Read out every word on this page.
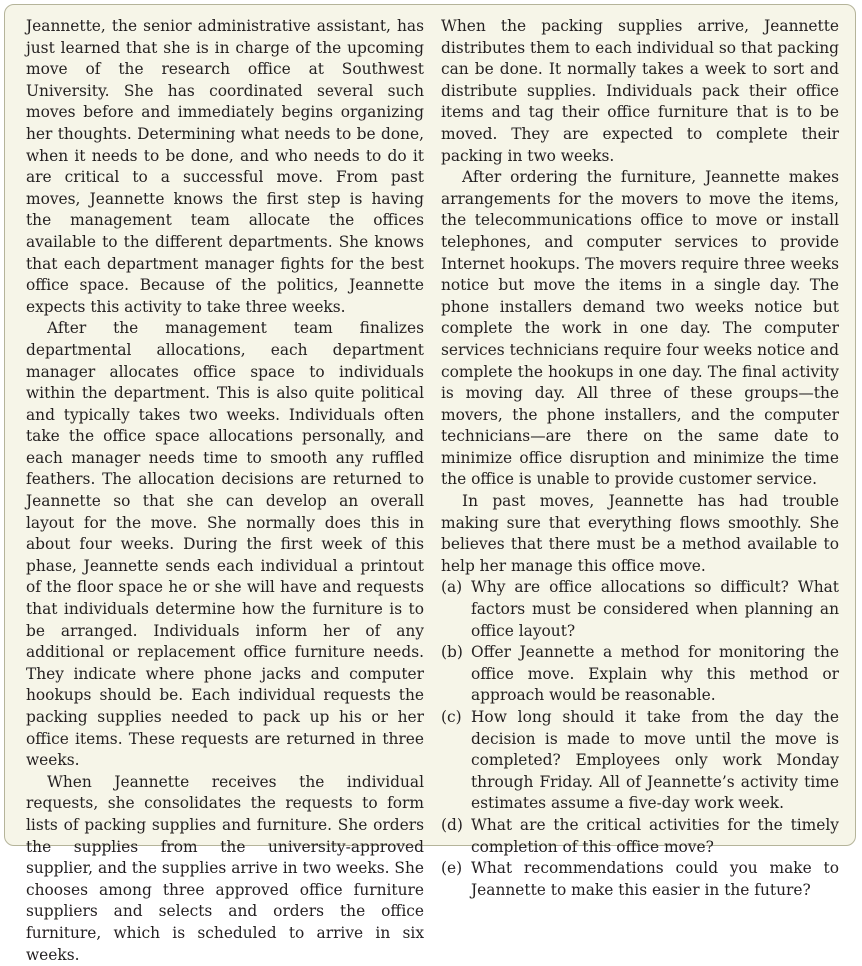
Jeannette, the senior administrative assistant, has just learned that she is in charge of the upcoming move of the research office at Southwest University. She has coordinated several such moves before and immediately begins organizing her thoughts. Determining what needs to be done, when it needs to be done, and who needs to do it are critical to a successful move. From past moves, Jeannette knows the first step is having the management team allocate the offices available to the different departments. She knows that each department manager fights for the best office space. Because of the politics, Jeannette expects this activity to take three weeks.

After the management team finalizes departmental allocations, each department manager allocates office space to individuals within the department. This is also quite political and typically takes two weeks. Individuals often take the office space allocations personally, and each manager needs time to smooth any ruffled feathers. The allocation decisions are returned to Jeannette so that she can develop an overall layout for the move. She normally does this in about four weeks. During the first week of this phase, Jeannette sends each individual a printout of the floor space he or she will have and requests that individuals determine how the furniture is to be arranged. Individuals inform her of any additional or replacement office furniture needs. They indicate where phone jacks and computer hookups should be. Each individual requests the packing supplies needed to pack up his or her office items. These requests are returned in three weeks.

When Jeannette receives the individual requests, she consolidates the requests to form lists of packing supplies and furniture. She orders the supplies from the university-approved supplier, and the supplies arrive in two weeks. She chooses among three approved office furniture suppliers and selects and orders the office furniture, which is scheduled to arrive in six weeks.

When the packing supplies arrive, Jeannette distributes them to each individual so that packing can be done. It normally takes a week to sort and distribute supplies. Individuals pack their office items and tag their office furniture that is to be moved. They are expected to complete their packing in two weeks.

After ordering the furniture, Jeannette makes arrangements for the movers to move the items, the telecommunications office to move or install telephones, and computer services to provide Internet hookups. The movers require three weeks notice but move the items in a single day. The phone installers demand two weeks notice but complete the work in one day. The computer services technicians require four weeks notice and complete the hookups in one day. The final activity is moving day. All three of these groups—the movers, the phone installers, and the computer technicians—are there on the same date to minimize office disruption and minimize the time the office is unable to provide customer service.

In past moves, Jeannette has had trouble making sure that everything flows smoothly. She believes that there must be a method available to help her manage this office move.

(a) Why are office allocations so difficult? What factors must be considered when planning an office layout?
(b) Offer Jeannette a method for monitoring the office move. Explain why this method or approach would be reasonable.
(c) How long should it take from the day the decision is made to move until the move is completed? Employees only work Monday through Friday. All of Jeannette’s activity time estimates assume a five-day work week.
(d) What are the critical activities for the timely completion of this office move?
(e) What recommendations could you make to Jeannette to make this easier in the future?
